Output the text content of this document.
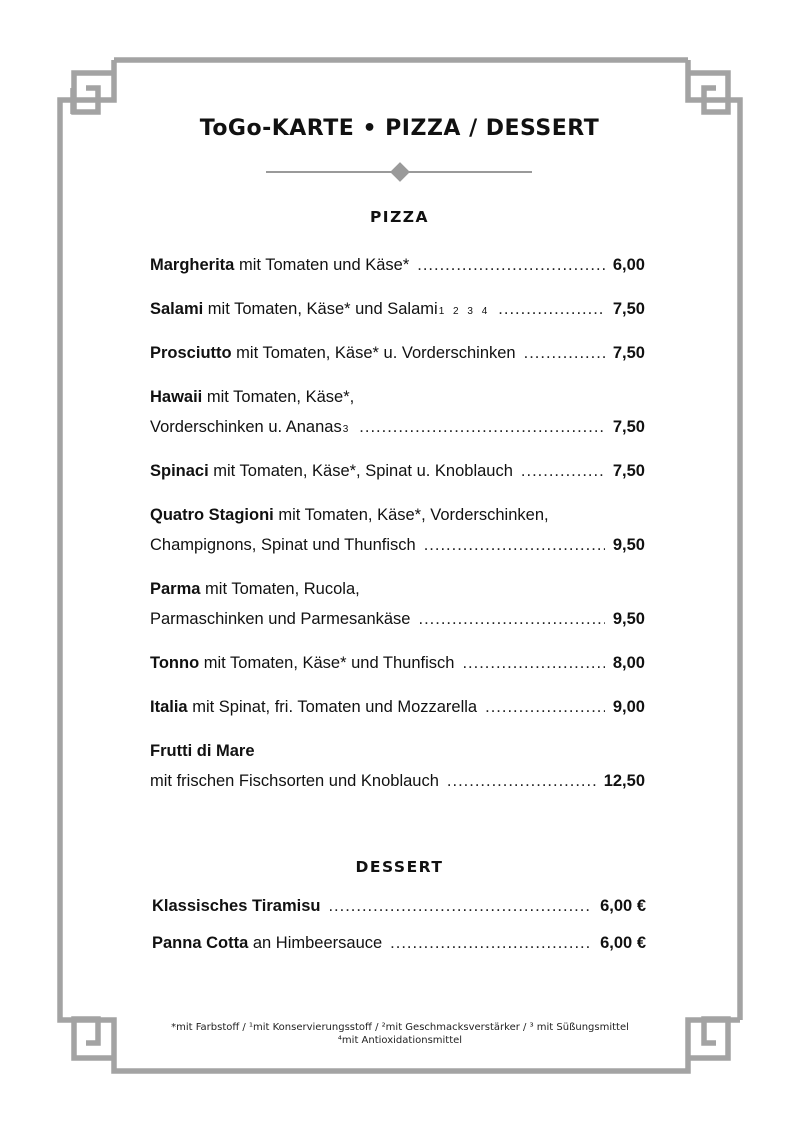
ToGo-KARTE • PIZZA / DESSERT
PIZZA
Margherita mit Tomaten und Käse* .....	6,00
Salami mit Tomaten, Käse* und Salami 1 2 3 4 .....	7,50
Prosciutto mit Tomaten, Käse* u. Vorderschinken .....	7,50
Hawaii mit Tomaten, Käse*,
Vorderschinken u. Ananas 3 .....	7,50
Spinaci mit Tomaten, Käse*, Spinat u. Knoblauch .....	7,50
Quatro Stagioni mit Tomaten, Käse*, Vorderschinken,
Champignons, Spinat und Thunfisch .....	9,50
Parma mit Tomaten, Rucola,
Parmaschinken und Parmesankäse .....	9,50
Tonno mit Tomaten, Käse* und Thunfisch .....	8,00
Italia mit Spinat, fri. Tomaten und Mozzarella .....	9,00
Frutti di Mare
mit frischen Fischsorten und Knoblauch .....	12,50
DESSERT
Klassisches Tiramisu .....	6,00 €
Panna Cotta an Himbeersauce .....	6,00 €
*mit Farbstoff / ¹mit Konservierungsstoff / ²mit Geschmacksverstärker / ³ mit Süßungsmittel
⁴mit Antioxidationsmittel
